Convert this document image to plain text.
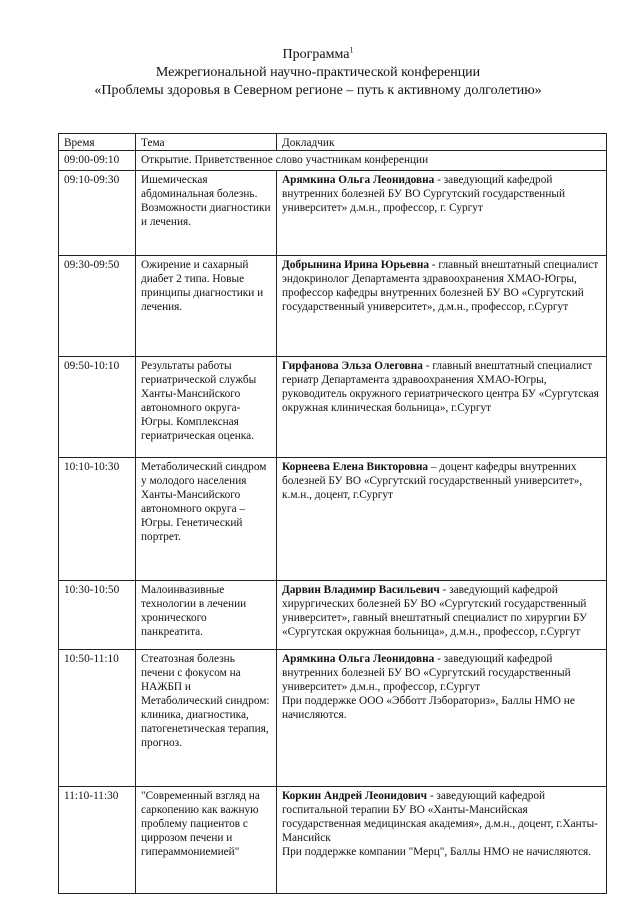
Программа$^1$
Межрегиональной научно-практической конференции
«Проблемы здоровья в Северном регионе – путь к активному долголетию»
Время	Тема	Докладчик
09:00-09:10	Открытие. Приветственное слово участникам конференции	
09:10-09:30	Ишемическая абдоминальная болезнь. Возможности диагностики и лечения.	Арямкина Ольга Леонидовна - заведующий кафедрой внутренних болезней БУ ВО Сургутский государственный университет» д.м.н., профессор, г. Сургут
09:30-09:50	Ожирение и сахарный диабет 2 типа. Новые принципы диагностики и лечения.	Добрынина Ирина Юрьевна - главный внештатный специалист эндокринолог Департамента здравоохранения ХМАО-Югры, профессор кафедры внутренних болезней БУ ВО «Сургутский государственный университет», д.м.н., профессор, г.Сургут
09:50-10:10	Результаты работы гериатрической службы Ханты-Мансийского автономного округа-Югры. Комплексная гериатрическая оценка.	Гирфанова Эльза Олеговна - главный внештатный специалист гериатр Департамента здравоохранения ХМАО-Югры, руководитель окружного гериатрического центра БУ «Сургутская окружная клиническая больница», г.Сургут
10:10-10:30	Метаболический синдром у молодого населения Ханты-Мансийского автономного округа – Югры. Генетический портрет.	Корнеева Елена Викторовна – доцент кафедры внутренних болезней БУ ВО «Сургутский государственный университет», к.м.н., доцент, г.Сургут
10:30-10:50	Малоинвазивные технологии в лечении хронического панкреатита.	Дарвин Владимир Васильевич - заведующий кафедрой хирургических болезней БУ ВО «Сургутский государственный университет», гавный внештатный специалист по хирургии БУ «Сургутская окружная больница», д.м.н., профессор, г.Сургут
10:50-11:10	Стеатозная болезнь печени с фокусом на НАЖБП и Метаболический синдром: клиника, диагностика, патогенетическая терапия, прогноз.	Арямкина Ольга Леонидовна - заведующий кафедрой внутренних болезней БУ ВО «Сургутский государственный университет» д.м.н., профессор, г.Сургут
При поддержке ООО «Эбботт Лэбораториз», Баллы НМО не начисляются.

11:10-11:30	"Современный взгляд на саркопению как важную проблему пациентов с циррозом печени и гипераммониемией"	Коркин Андрей Леонидович - заведующий кафедрой госпитальной терапии БУ ВО «Ханты-Мансийская государственная медицинская академия», д.м.н., доцент, г.Ханты-Мансийск
При поддержке компании "Мерц", Баллы НМО не начисляются.
